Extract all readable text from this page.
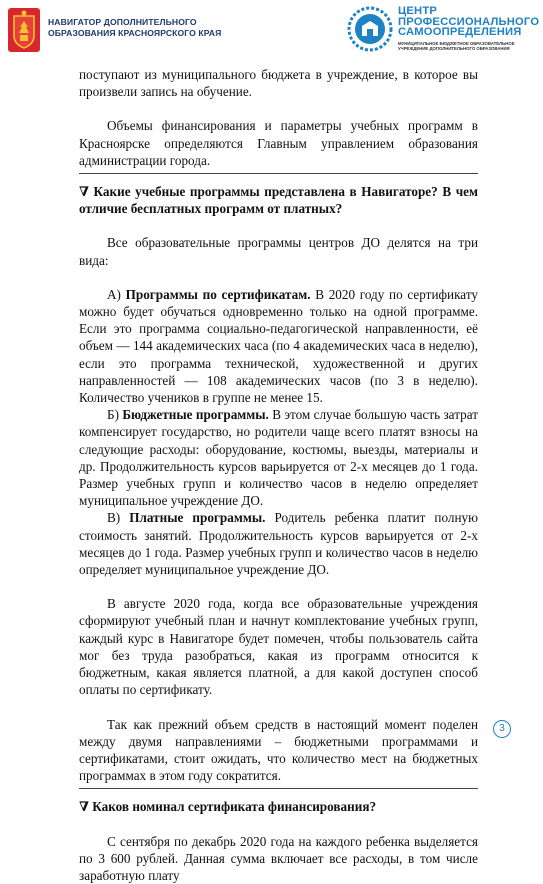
НАВИГАТОР ДОПОЛНИТЕЛЬНОГО
ОБРАЗОВАНИЯ КРАСНОЯРСКОГО КРАЯ
ЦЕНТР
ПРОФЕССИОНАЛЬНОГО
САМООПРЕДЕЛЕНИЯ
МУНИЦИПАЛЬНОЕ БЮДЖЕТНОЕ ОБРАЗОВАТЕЛЬНОЕ УЧРЕЖДЕНИЕ ДОПОЛНИТЕЛЬНОГО ОБРАЗОВАНИЯ

поступают из муниципального бюджета в учреждение, в которое вы произвели запись на обучение.

Объемы финансирования и параметры учебных программ в Красноярске определяются Главным управлением образования администрации города.

∇ Какие учебные программы представлена в Навигаторе? В чем отличие бесплатных программ от платных?

Все образовательные программы центров ДО делятся на три вида:

А) Программы по сертификатам. В 2020 году по сертификату можно будет обучаться одновременно только на одной программе. Если это программа социально-педагогической направленности, её объем — 144 академических часа (по 4 академических часа в неделю), если это программа технической, художественной и других направленностей — 108 академических часов (по 3 в неделю). Количество учеников в группе не менее 15.

Б) Бюджетные программы. В этом случае большую часть затрат компенсирует государство, но родители чаще всего платят взносы на следующие расходы: оборудование, костюмы, выезды, материалы и др. Продолжительность курсов варьируется от 2-х месяцев до 1 года. Размер учебных групп и количество часов в неделю определяет муниципальное учреждение ДО.

В) Платные программы. Родитель ребенка платит полную стоимость занятий. Продолжительность курсов варьируется от 2-х месяцев до 1 года. Размер учебных групп и количество часов в неделю определяет муниципальное учреждение ДО.

В августе 2020 года, когда все образовательные учреждения сформируют учебный план и начнут комплектование учебных групп, каждый курс в Навигаторе будет помечен, чтобы пользователь сайта мог без труда разобраться, какая из программ относится к бюджетным, какая является платной, а для какой доступен способ оплаты по сертификату.

Так как прежний объем средств в настоящий момент поделен между двумя направлениями – бюджетными программами и сертификатами, стоит ожидать, что количество мест на бюджетных программах в этом году сократится.

∇ Каков номинал сертификата финансирования?

С сентября по декабрь 2020 года на каждого ребенка выделяется по 3 600 рублей. Данная сумма включает все расходы, в том числе заработную плату

3
